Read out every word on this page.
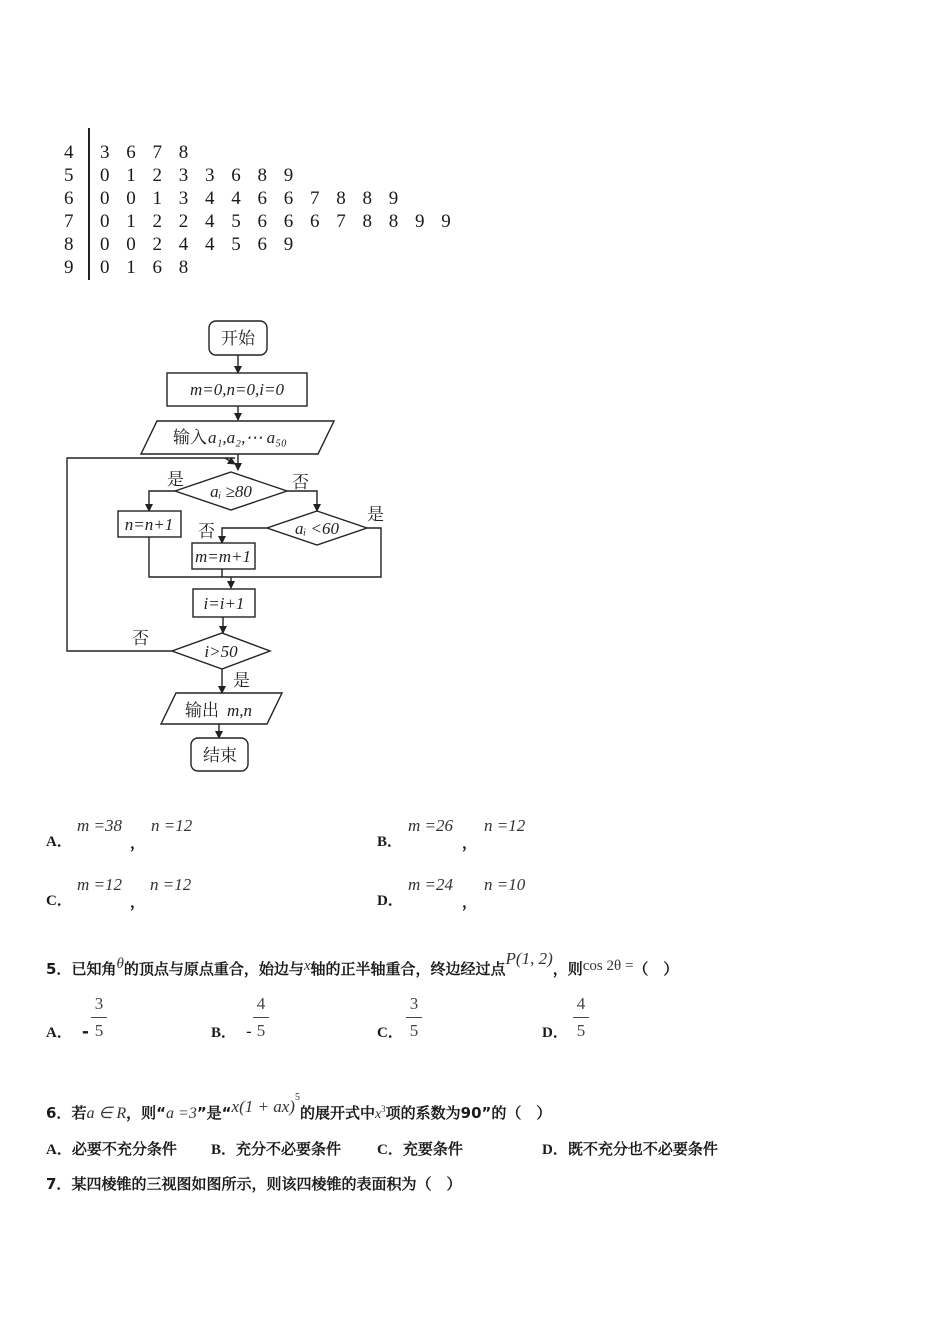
4	3 6 7 8
5	0 1 2 3 3 6 8 9
6	0 0 1 3 4 4 6 6 7 8 8 9
7	0 1 2 2 4 5 6 6 6 7 8 8 9 9
8	0 0 2 4 4 5 6 9
9	0 1 6 8
开始
m=0,n=0,i=0
输入 a₁,a₂,⋯ a₅₀
aᵢ ≥80
aᵢ <60
n=n+1
m=m+1
i=i+1
i>50
输出 m,n
结束
是	否
是
否
否
是
A．
m =38
，
n =12
B．
m =26
，
n =12
C．
m =12
，
n =12
D．
m =24
，
n =10
5．已知角θ的顶点与原点重合，始边与x轴的正半轴重合，终边经过点P(1, 2)，则cos 2θ =（　）
A． -
3
5	B． -
4
5	C．
3
5	D．
4
5
6．若a ∈ R，则“a =3”是“x(1 + ax)$^5$的展开式中$x^3$项的系数为90”的（　）
A．必要不充分条件 B．充分不必要条件 C．充要条件	D．既不充分也不必要条件
7．某四棱锥的三视图如图所示，则该四棱锥的表面积为（　）
